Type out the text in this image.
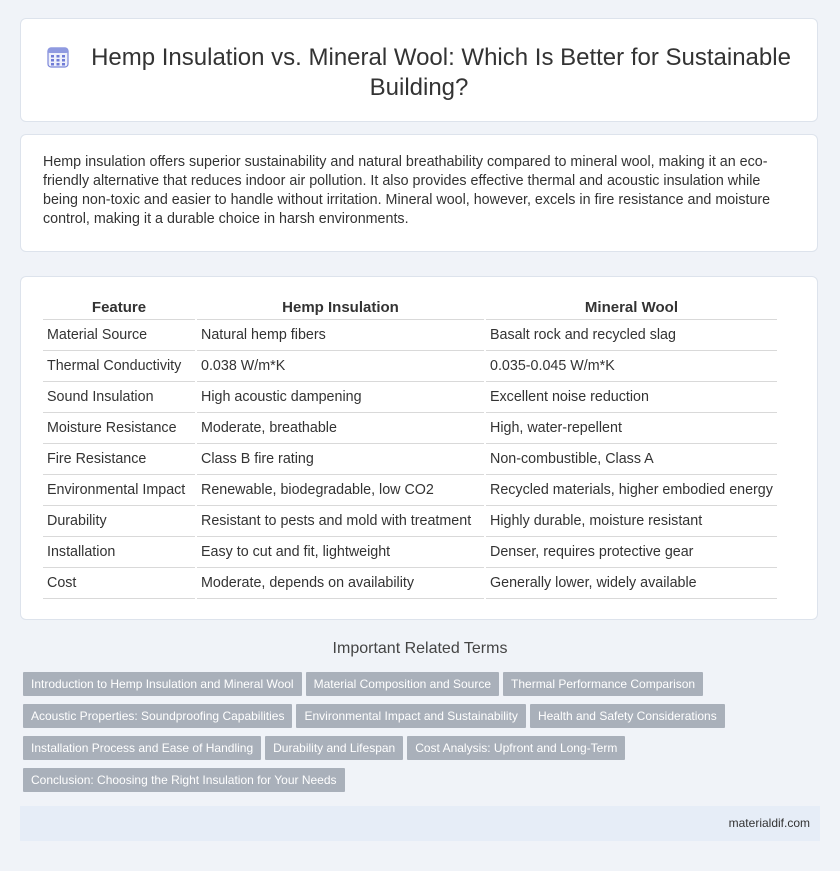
Hemp Insulation vs. Mineral Wool: Which Is Better for Sustainable Building?

Hemp insulation offers superior sustainability and natural breathability compared to mineral wool, making it an eco-friendly alternative that reduces indoor air pollution. It also provides effective thermal and acoustic insulation while being non-toxic and easier to handle without irritation. Mineral wool, however, excels in fire resistance and moisture control, making it a durable choice in harsh environments.

Feature	Hemp Insulation	Mineral Wool
Material Source	Natural hemp fibers	Basalt rock and recycled slag
Thermal Conductivity	0.038 W/m*K	0.035-0.045 W/m*K
Sound Insulation	High acoustic dampening	Excellent noise reduction
Moisture Resistance	Moderate, breathable	High, water-repellent
Fire Resistance	Class B fire rating	Non-combustible, Class A
Environmental Impact	Renewable, biodegradable, low CO2	Recycled materials, higher embodied energy
Durability	Resistant to pests and mold with treatment	Highly durable, moisture resistant
Installation	Easy to cut and fit, lightweight	Denser, requires protective gear
Cost	Moderate, depends on availability	Generally lower, widely available
Important Related Terms
Introduction to Hemp Insulation and Mineral Wool Material Composition and Source Thermal Performance Comparison
Acoustic Properties: Soundproofing Capabilities Environmental Impact and Sustainability Health and Safety Considerations
Installation Process and Ease of Handling Durability and Lifespan Cost Analysis: Upfront and Long-Term
Conclusion: Choosing the Right Insulation for Your Needs
materialdif.com
